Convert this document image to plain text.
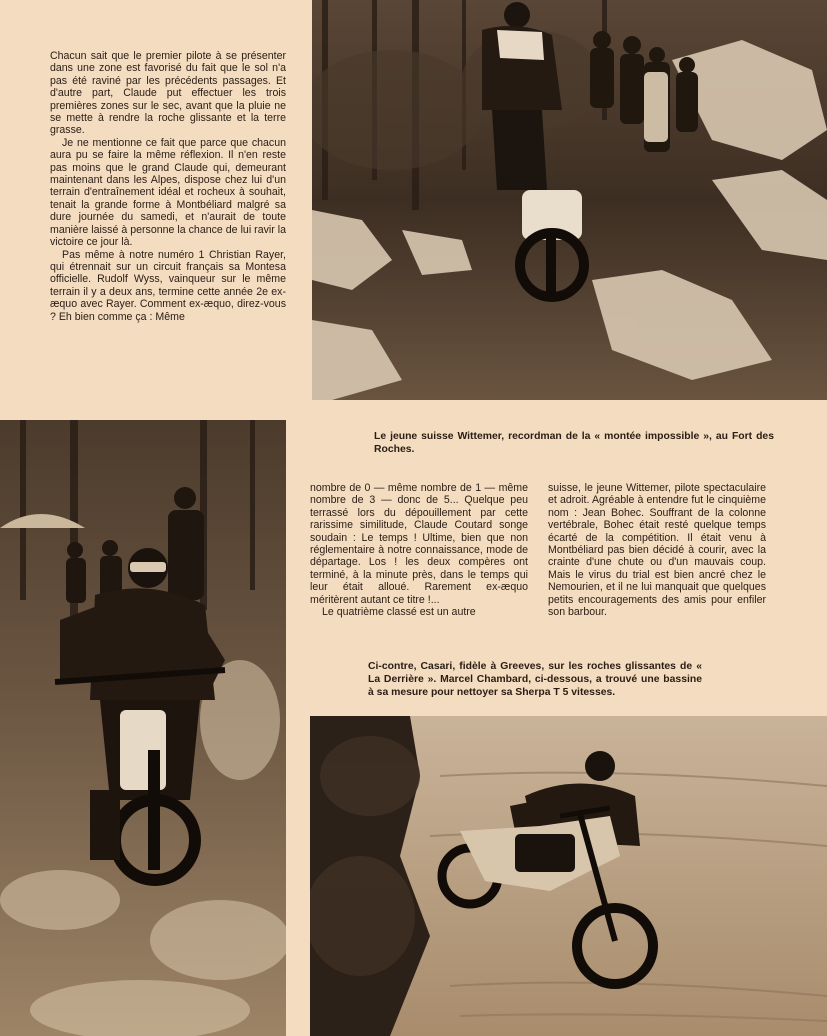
Chacun sait que le premier pilote à se présenter dans une zone est favorisé du fait que le sol n'a pas été raviné par les précédents passages. Et d'autre part, Claude put effectuer les trois premières zones sur le sec, avant que la pluie ne se mette à rendre la roche glissante et la terre grasse.

Je ne mentionne ce fait que parce que chacun aura pu se faire la même réflexion. Il n'en reste pas moins que le grand Claude qui, demeurant maintenant dans les Alpes, dispose chez lui d'un terrain d'entraînement idéal et rocheux à souhait, tenait la grande forme à Montbéliard malgré sa dure journée du samedi, et n'aurait de toute manière laissé à personne la chance de lui ravir la victoire ce jour là.

Pas même à notre numéro 1 Christian Rayer, qui étrennait sur un circuit français sa Montesa officielle. Rudolf Wyss, vainqueur sur le même terrain il y a deux ans, termine cette année 2e ex-æquo avec Rayer. Comment ex-æquo, direz-vous ? Eh bien comme ça : Même

Le jeune suisse Wittemer, recordman de la « montée impossible », au Fort des Roches.

nombre de 0 — même nombre de 1 — même nombre de 3 — donc de 5... Quelque peu terrassé lors du dépouillement par cette rarissime similitude, Claude Coutard songe soudain : Le temps ! Ultime, bien que non réglementaire à notre connaissance, mode de départage. Los ! les deux compères ont terminé, à la minute près, dans le temps qui leur était alloué. Rarement ex-æquo méritèrent autant ce titre !...

Le quatrième classé est un autre

suisse, le jeune Wittemer, pilote spectaculaire et adroit. Agréable à entendre fut le cinquième nom : Jean Bohec. Souffrant de la colonne vertébrale, Bohec était resté quelque temps écarté de la compétition. Il était venu à Montbéliard pas bien décidé à courir, avec la crainte d'une chute ou d'un mauvais coup. Mais le virus du trial est bien ancré chez le Nemourien, et il ne lui manquait que quelques petits encouragements des amis pour enfiler son barbour.

Ci-contre, Casari, fidèle à Greeves, sur les roches glissantes de « La Derrière ». Marcel Chambard, ci-dessous, a trouvé une bassine à sa mesure pour nettoyer sa Sherpa T 5 vitesses.
